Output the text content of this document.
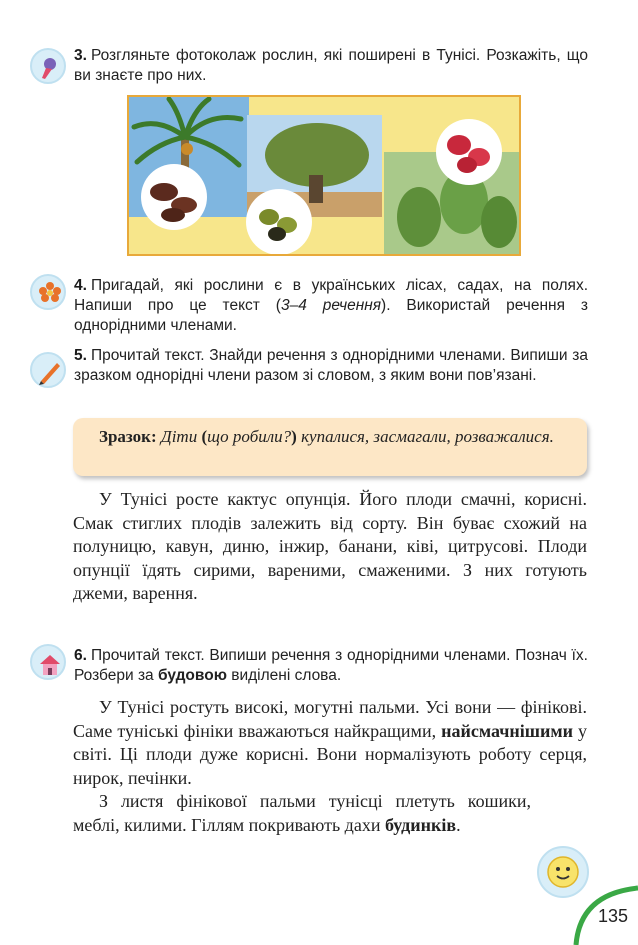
3. Розгляньте фотоколаж рослин, які поширені в Тунісі. Розкажіть, що ви знаєте про них.
4. Пригадай, які рослини є в українських лісах, садах, на полях. Напиши про це текст (3–4 речення). Використай речення з однорідними членами.
5. Прочитай текст. Знайди речення з однорідними членами. Випиши за зразком однорідні члени разом зі словом, з яким вони пов’язані.
Зразок: Діти (що робили?) купалися, засмагали, розважалися.

У Тунісі росте кактус опунція. Його плоди смачні, корисні. Смак стиглих плодів залежить від сорту. Він буває схожий на полуницю, кавун, диню, інжир, банани, ківі, цитрусові. Плоди опунції їдять сирими, вареними, смаженими. З них готують джеми, варення.

6. Прочитай текст. Випиши речення з однорідними членами. Познач їх. Розбери за будовою виділені слова.

У Тунісі ростуть високі, могутні пальми. Усі вони — фінікові. Саме туніські фініки вважаються найкращими, найсмачнішими у світі. Ці плоди дуже корисні. Вони нормалізують роботу серця, нирок, печінки.

З листя фінікової пальми тунісці плетуть кошики, меблі, килими. Гіллям покривають дахи будинків.

135
